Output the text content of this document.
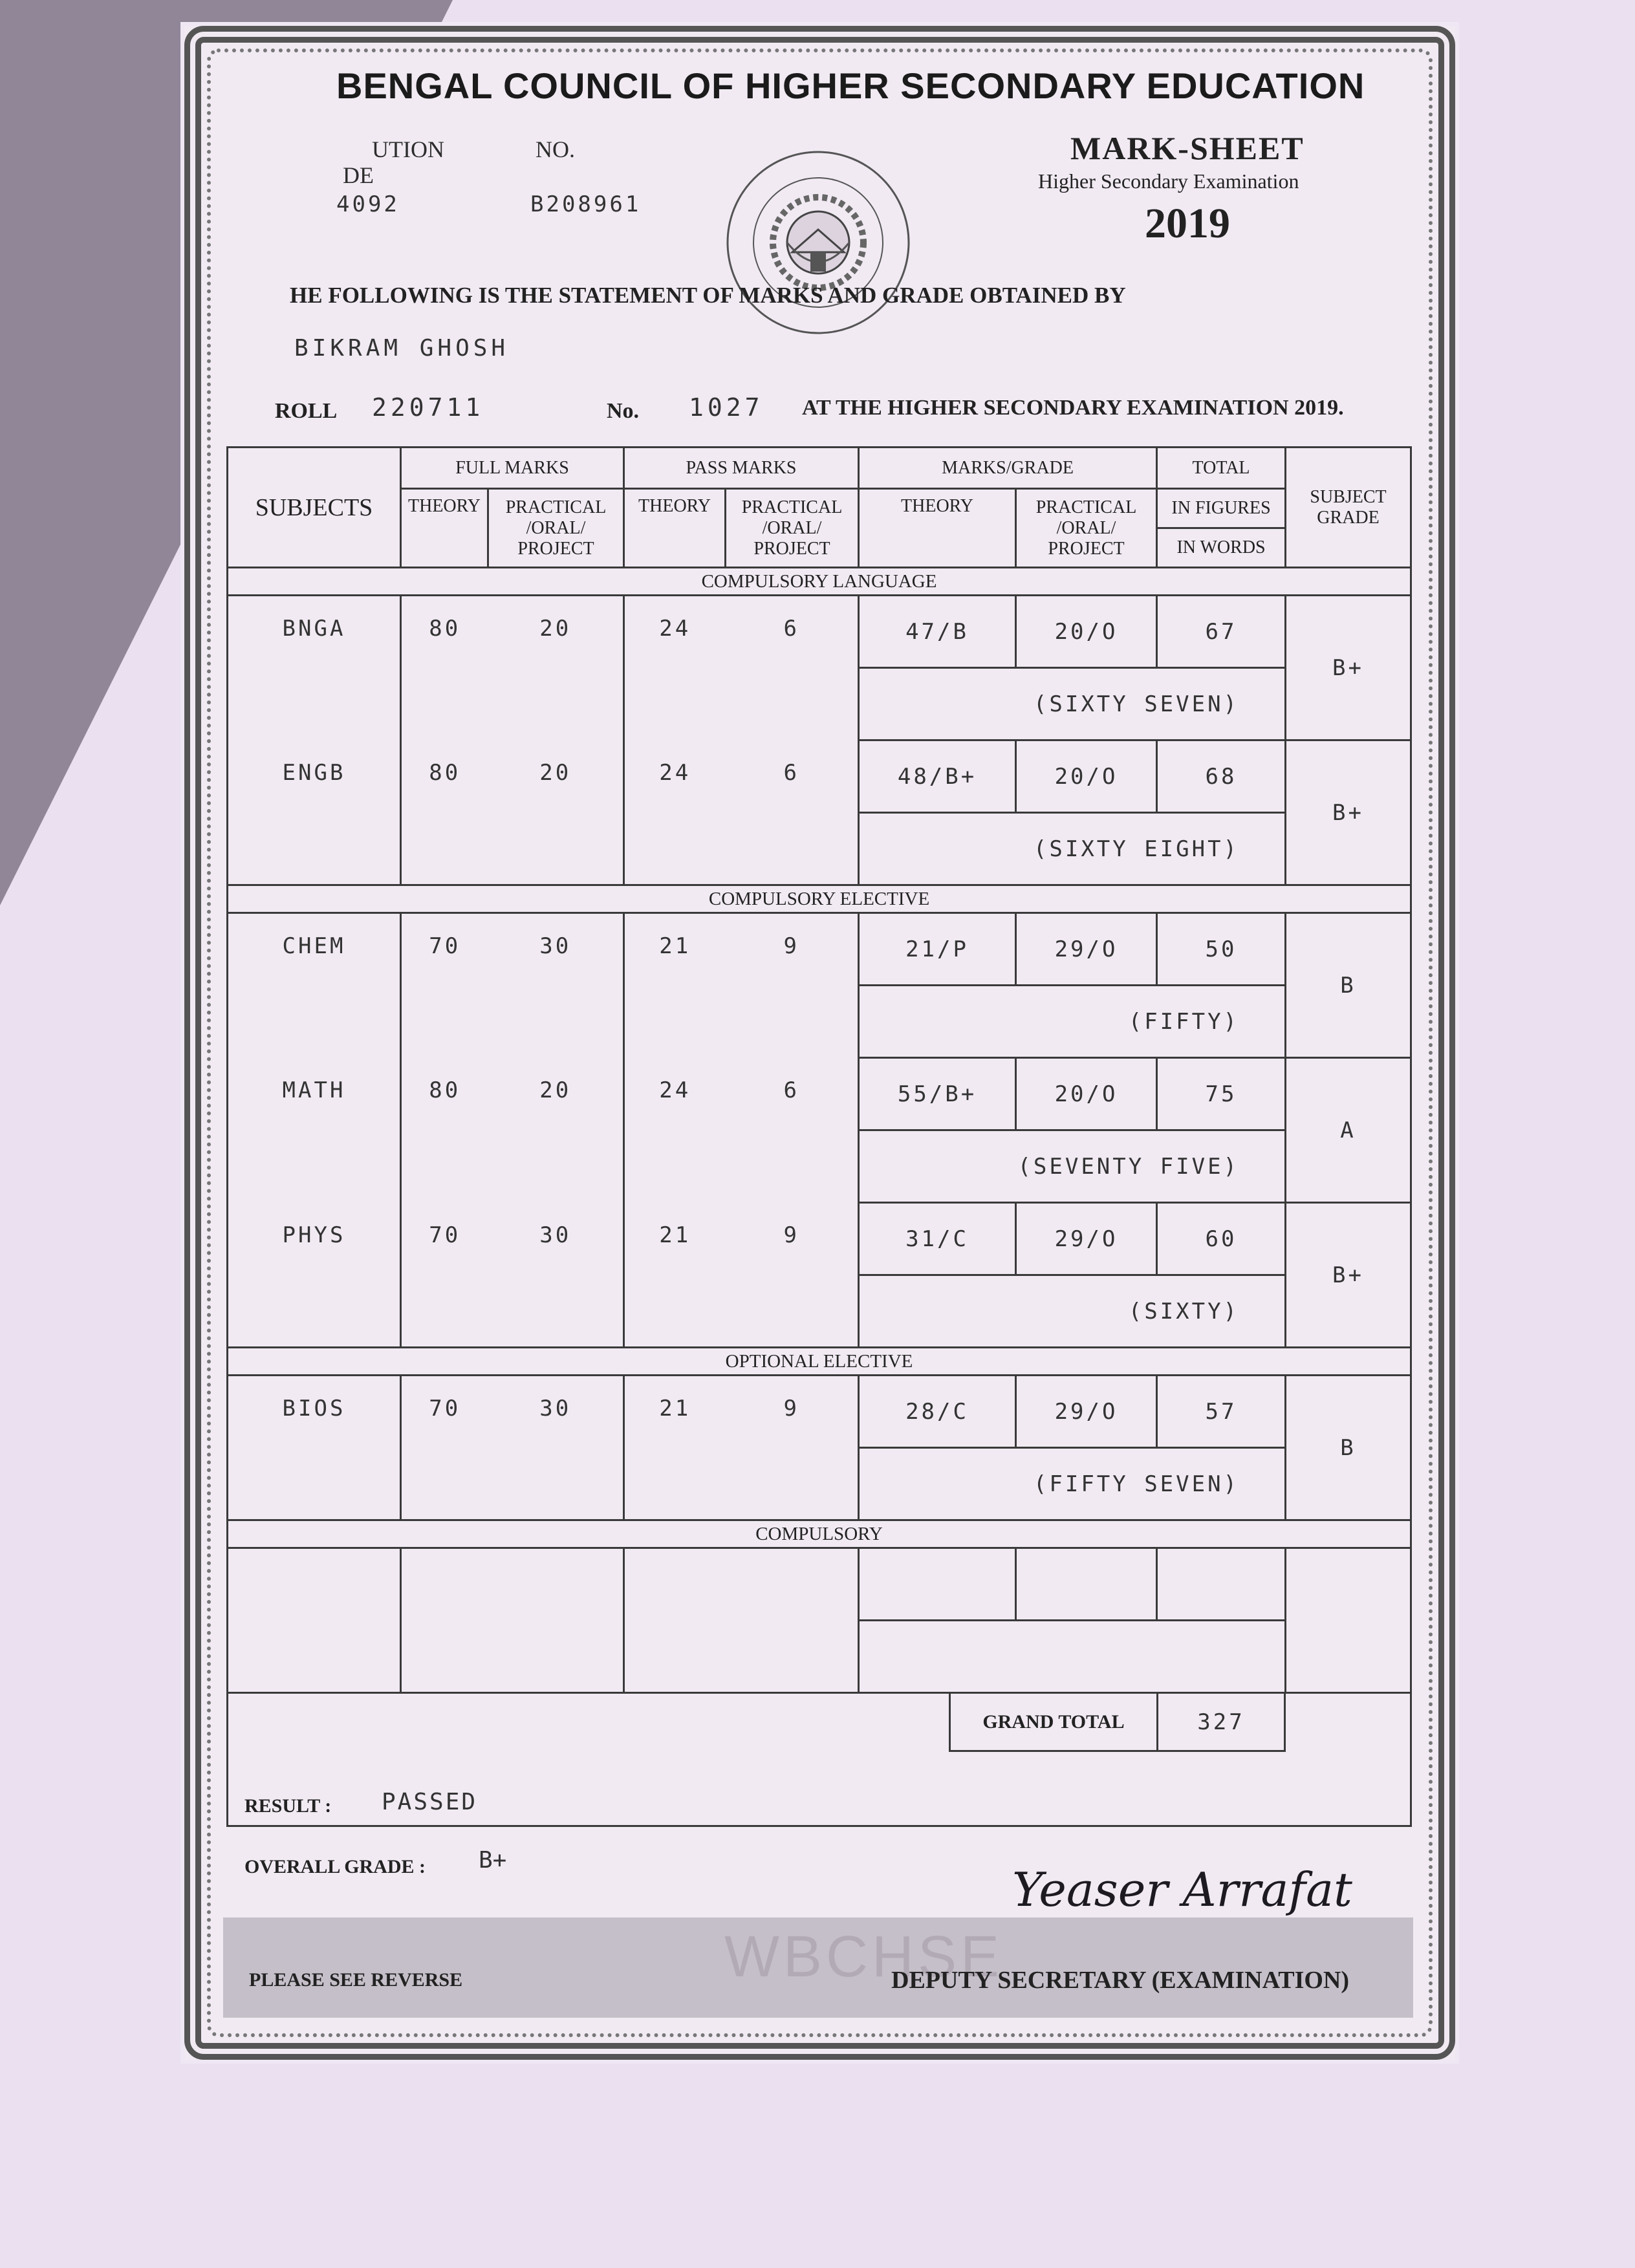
BENGAL COUNCIL OF HIGHER SECONDARY EDUCATION
UTION
DE
4092
NO.
B208961
MARK-SHEET
Higher Secondary Examination
2019
HE FOLLOWING IS THE STATEMENT OF MARKS AND GRADE OBTAINED BY
BIKRAM GHOSH
ROLL 220711	No. 1027 AT THE HIGHER SECONDARY EXAMINATION 2019.
SUBJECTS	FULL MARKS		PASS MARKS		MARKS/GRADE		TOTAL	SUBJECT GRADE
	THEORY	PRACTICAL /ORAL/ PROJECT	THEORY	PRACTICAL /ORAL/ PROJECT	THEORY	PRACTICAL /ORAL/ PROJECT	IN FIGURES
IN WORDS	

COMPULSORY LANGUAGE								
BNGA	80	20	24	6	47/B	20/O	67	B+
					(SIXTY SEVEN)			
ENGB	80	20	24	6	48/B+	20/O	68	B+
					(SIXTY EIGHT)			
COMPULSORY ELECTIVE								
CHEM	70	30	21	9	21/P	29/O	50	B
					(FIFTY)			
MATH	80	20	24	6	55/B+	20/O	75	A
					(SEVENTY FIVE)			
PHYS	70	30	21	9	31/C	29/O	60	B+
					(SIXTY)			
OPTIONAL ELECTIVE								
BIOS	70	30	21	9	28/C	29/O	57	B
					(FIFTY SEVEN)			
COMPULSORY								

GRAND TOTAL 327								
RESULT : PASSED
OVERALL GRADE : B+
WBCHSE
Yeaser Arrafat
PLEASE SEE REVERSE	DEPUTY SECRETARY (EXAMINATION)
